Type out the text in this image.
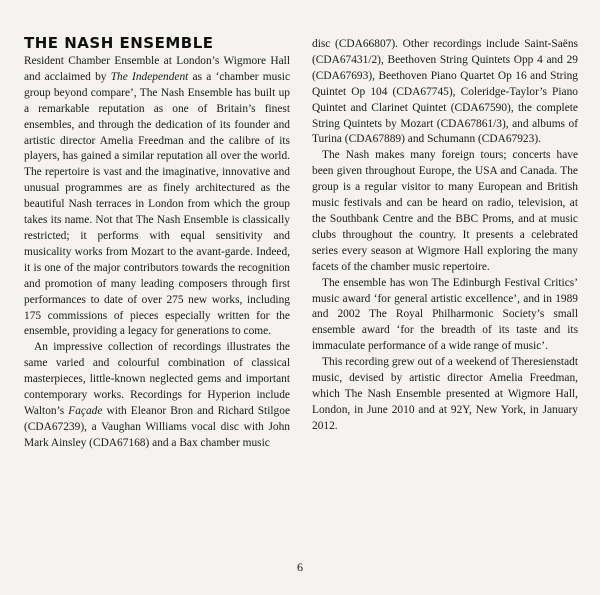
THE NASH ENSEMBLE

Resident Chamber Ensemble at London’s Wigmore Hall and acclaimed by The Independent as a ‘chamber music group beyond compare’, The Nash Ensemble has built up a remarkable reputation as one of Britain’s finest ensembles, and through the dedication of its founder and artistic director Amelia Freedman and the calibre of its players, has gained a similar reputation all over the world. The repertoire is vast and the imaginative, innovative and unusual programmes are as finely architectured as the beautiful Nash terraces in London from which the group takes its name. Not that The Nash Ensemble is classically restricted; it performs with equal sensitivity and musicality works from Mozart to the avant-garde. Indeed, it is one of the major contributors towards the recognition and promotion of many leading composers through first performances to date of over 275 new works, including 175 commissions of pieces especially written for the ensemble, providing a legacy for generations to come.

An impressive collection of recordings illustrates the same varied and colourful combination of classical masterpieces, little-known neglected gems and important contemporary works. Recordings for Hyperion include Walton’s Façade with Eleanor Bron and Richard Stilgoe (CDA67239), a Vaughan Williams vocal disc with John Mark Ainsley (CDA67168) and a Bax chamber music

disc (CDA66807). Other recordings include Saint-Saëns (CDA67431/2), Beethoven String Quintets Opp 4 and 29 (CDA67693), Beethoven Piano Quartet Op 16 and String Quintet Op 104 (CDA67745), Coleridge-Taylor’s Piano Quintet and Clarinet Quintet (CDA67590), the complete String Quintets by Mozart (CDA67861/3), and albums of Turina (CDA67889) and Schumann (CDA67923).

The Nash makes many foreign tours; concerts have been given throughout Europe, the USA and Canada. The group is a regular visitor to many European and British music festivals and can be heard on radio, television, at the Southbank Centre and the BBC Proms, and at music clubs throughout the country. It presents a celebrated series every season at Wigmore Hall exploring the many facets of the chamber music repertoire.

The ensemble has won The Edinburgh Festival Critics’ music award ‘for general artistic excellence’, and in 1989 and 2002 The Royal Philharmonic Society’s small ensemble award ‘for the breadth of its taste and its immaculate performance of a wide range of music’.

This recording grew out of a weekend of Theresienstadt music, devised by artistic director Amelia Freedman, which The Nash Ensemble presented at Wigmore Hall, London, in June 2010 and at 92Y, New York, in January 2012.

6
